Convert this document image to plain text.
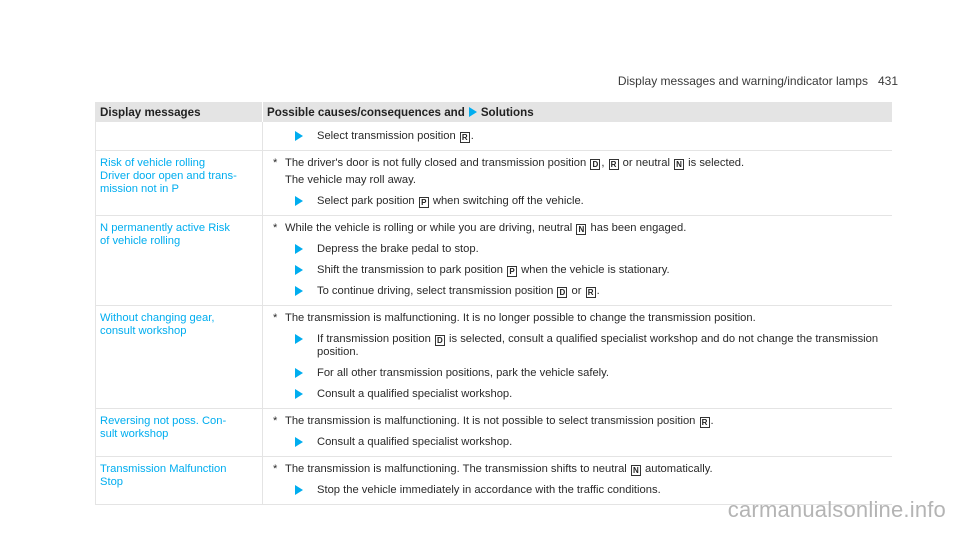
Display messages and warning/indicator lamps 431
Display messages	Possible causes/consequences and Solutions
Select transmission position R .
Risk of vehicle rolling
Driver door open and trans-
mission not in P
* The driver's door is not fully closed and transmission position D , R or neutral N is selected.
The vehicle may roll away.
Select park position P when switching off the vehicle.
N permanently active Risk
of vehicle rolling
* While the vehicle is rolling or while you are driving, neutral N has been engaged.
Depress the brake pedal to stop.
Shift the transmission to park position P when the vehicle is stationary.
To continue driving, select transmission position D or R .
Without changing gear,
consult workshop
* The transmission is malfunctioning. It is no longer possible to change the transmission position.
If transmission position D is selected, consult a qualified specialist workshop and do not change the transmission position.
For all other transmission positions, park the vehicle safely.
Consult a qualified specialist workshop.
Reversing not poss. Con-
sult workshop
* The transmission is malfunctioning. It is not possible to select transmission position R .
Consult a qualified specialist workshop.
Transmission Malfunction
Stop
* The transmission is malfunctioning. The transmission shifts to neutral N automatically.
Stop the vehicle immediately in accordance with the traffic conditions.
carmanualsonline.info
